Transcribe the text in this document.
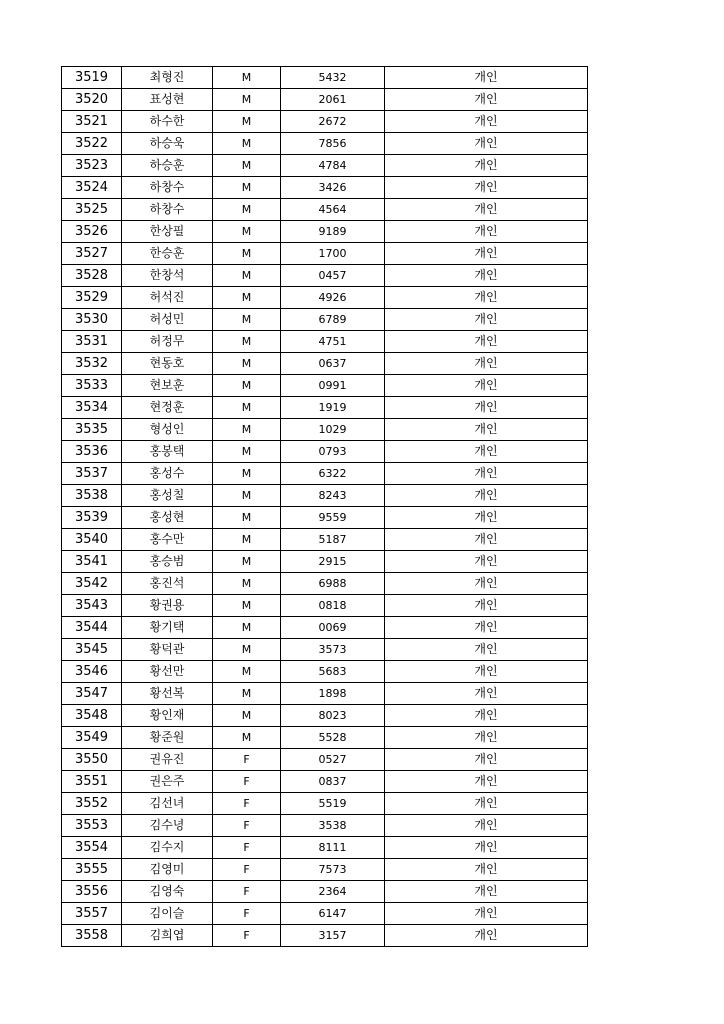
3519	최형진	M	5432	개인
3520	표성현	M	2061	개인
3521	하수한	M	2672	개인
3522	하승욱	M	7856	개인
3523	하승훈	M	4784	개인
3524	하창수	M	3426	개인
3525	하창수	M	4564	개인
3526	한상필	M	9189	개인
3527	한승훈	M	1700	개인
3528	한창석	M	0457	개인
3529	허석진	M	4926	개인
3530	허성민	M	6789	개인
3531	허정무	M	4751	개인
3532	현동호	M	0637	개인
3533	현보훈	M	0991	개인
3534	현정훈	M	1919	개인
3535	형성인	M	1029	개인
3536	홍봉택	M	0793	개인
3537	홍성수	M	6322	개인
3538	홍성칠	M	8243	개인
3539	홍성현	M	9559	개인
3540	홍수만	M	5187	개인
3541	홍승범	M	2915	개인
3542	홍진석	M	6988	개인
3543	황권용	M	0818	개인
3544	황기택	M	0069	개인
3545	황덕관	M	3573	개인
3546	황선만	M	5683	개인
3547	황선복	M	1898	개인
3548	황인재	M	8023	개인
3549	황준원	M	5528	개인
3550	권유진	F	0527	개인
3551	권은주	F	0837	개인
3552	김선녀	F	5519	개인
3553	김수녕	F	3538	개인
3554	김수지	F	8111	개인
3555	김영미	F	7573	개인
3556	김영숙	F	2364	개인
3557	김이슬	F	6147	개인
3558	김희엽	F	3157	개인
